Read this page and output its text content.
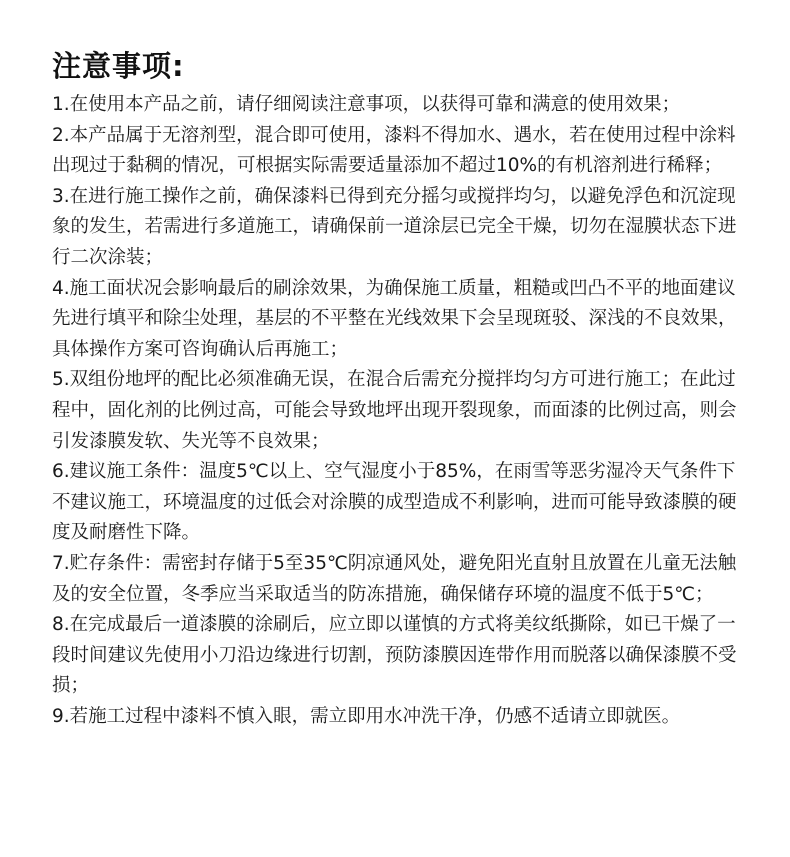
注意事项:
1.在使用本产品之前，请仔细阅读注意事项，以获得可靠和满意的使用效果；
2.本产品属于无溶剂型，混合即可使用，漆料不得加水、遇水，若在使用过程中涂料出现过于黏稠的情况，可根据实际需要适量添加不超过10%的有机溶剂进行稀释；
3.在进行施工操作之前，确保漆料已得到充分摇匀或搅拌均匀，以避免浮色和沉淀现象的发生，若需进行多道施工，请确保前一道涂层已完全干燥，切勿在湿膜状态下进行二次涂装；
4.施工面状况会影响最后的刷涂效果，为确保施工质量，粗糙或凹凸不平的地面建议先进行填平和除尘处理，基层的不平整在光线效果下会呈现斑驳、深浅的不良效果，具体操作方案可咨询确认后再施工；
5.双组份地坪的配比必须准确无误，在混合后需充分搅拌均匀方可进行施工；在此过程中，固化剂的比例过高，可能会导致地坪出现开裂现象，而面漆的比例过高，则会引发漆膜发软、失光等不良效果；
6.建议施工条件：温度5℃以上、空气湿度小于85%，在雨雪等恶劣湿冷天气条件下不建议施工，环境温度的过低会对涂膜的成型造成不利影响，进而可能导致漆膜的硬度及耐磨性下降。
7.贮存条件：需密封存储于5至35℃阴凉通风处，避免阳光直射且放置在儿童无法触及的安全位置，冬季应当采取适当的防冻措施，确保储存环境的温度不低于5℃；
8.在完成最后一道漆膜的涂刷后，应立即以谨慎的方式将美纹纸撕除，如已干燥了一段时间建议先使用小刀沿边缘进行切割，预防漆膜因连带作用而脱落以确保漆膜不受损；
9.若施工过程中漆料不慎入眼，需立即用水冲洗干净，仍感不适请立即就医。
